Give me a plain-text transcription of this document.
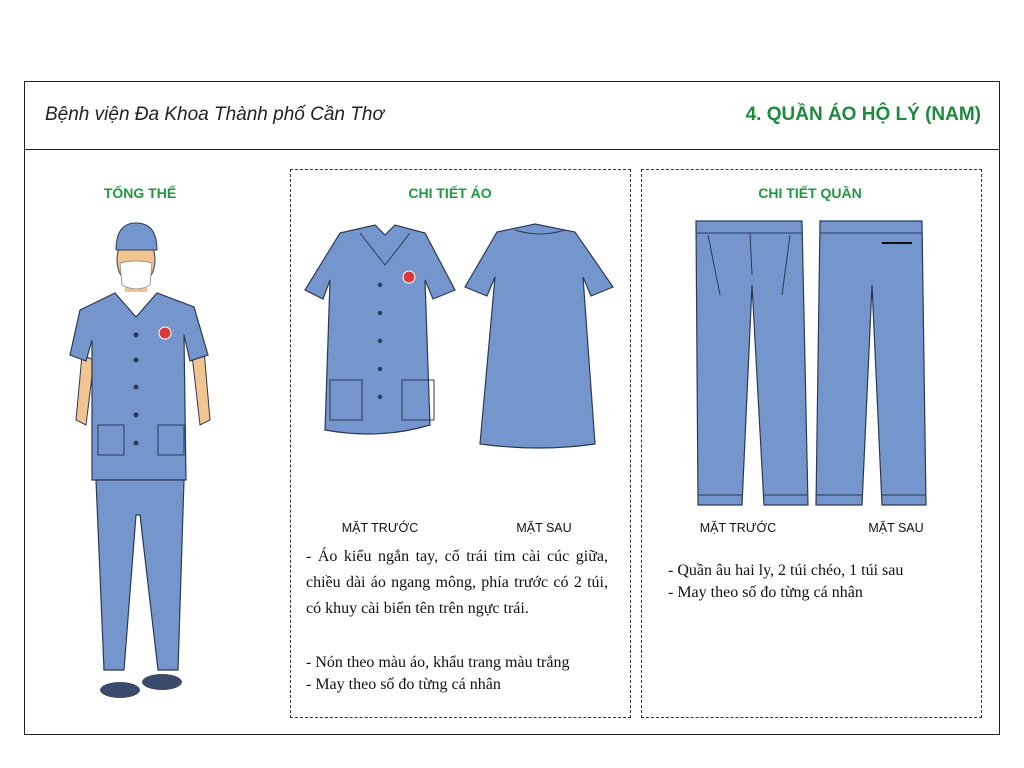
Bệnh viện Đa Khoa Thành phố Cần Thơ	4. QUẦN ÁO HỘ LÝ (NAM)
TỔNG THỂ	CHI TIẾT ÁO
MẶT TRƯỚC	MẶT SAU

- Áo kiểu ngắn tay, cổ trái tim cài cúc giữa, chiều dài áo ngang mông, phía trước có 2 túi, có khuy cài biển tên trên ngực trái.

- Nón theo màu áo, khẩu trang màu trắng

- May theo số đo từng cá nhân

CHI TIẾT QUẦN
MẶT TRƯỚC	MẶT SAU

- Quần âu hai ly, 2 túi chéo, 1 túi sau

- May theo số đo từng cá nhân
